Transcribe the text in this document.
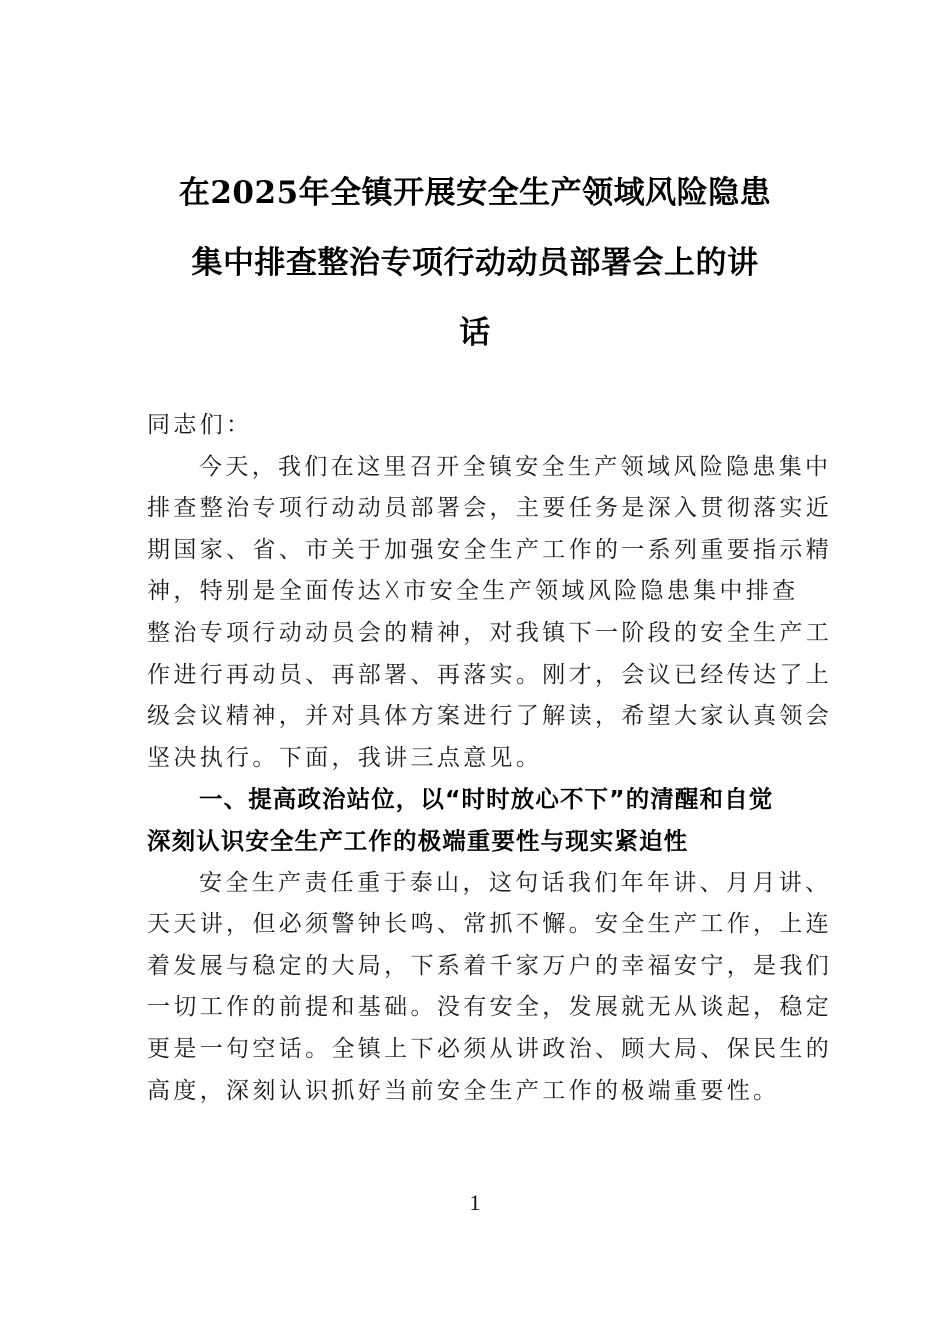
在2025年全镇开展安全生产领域风险隐患
集中排查整治专项行动动员部署会上的讲
话

同志们：

今天，我们在这里召开全镇安全生产领域风险隐患集中
排查整治专项行动动员部署会，主要任务是深入贯彻落实近
期国家、省、市关于加强安全生产工作的一系列重要指示精
神，特别是全面传达X市安全生产领域风险隐患集中排查
整治专项行动动员会的精神，对我镇下一阶段的安全生产工
作进行再动员、再部署、再落实。刚才，会议已经传达了上
级会议精神，并对具体方案进行了解读，希望大家认真领会
坚决执行。下面，我讲三点意见。

一、提高政治站位，以“时时放心不下”的清醒和自觉
深刻认识安全生产工作的极端重要性与现实紧迫性

安全生产责任重于泰山，这句话我们年年讲、月月讲、
天天讲，但必须警钟长鸣、常抓不懈。安全生产工作，上连
着发展与稳定的大局，下系着千家万户的幸福安宁，是我们
一切工作的前提和基础。没有安全，发展就无从谈起，稳定
更是一句空话。全镇上下必须从讲政治、顾大局、保民生的
高度，深刻认识抓好当前安全生产工作的极端重要性。

1
